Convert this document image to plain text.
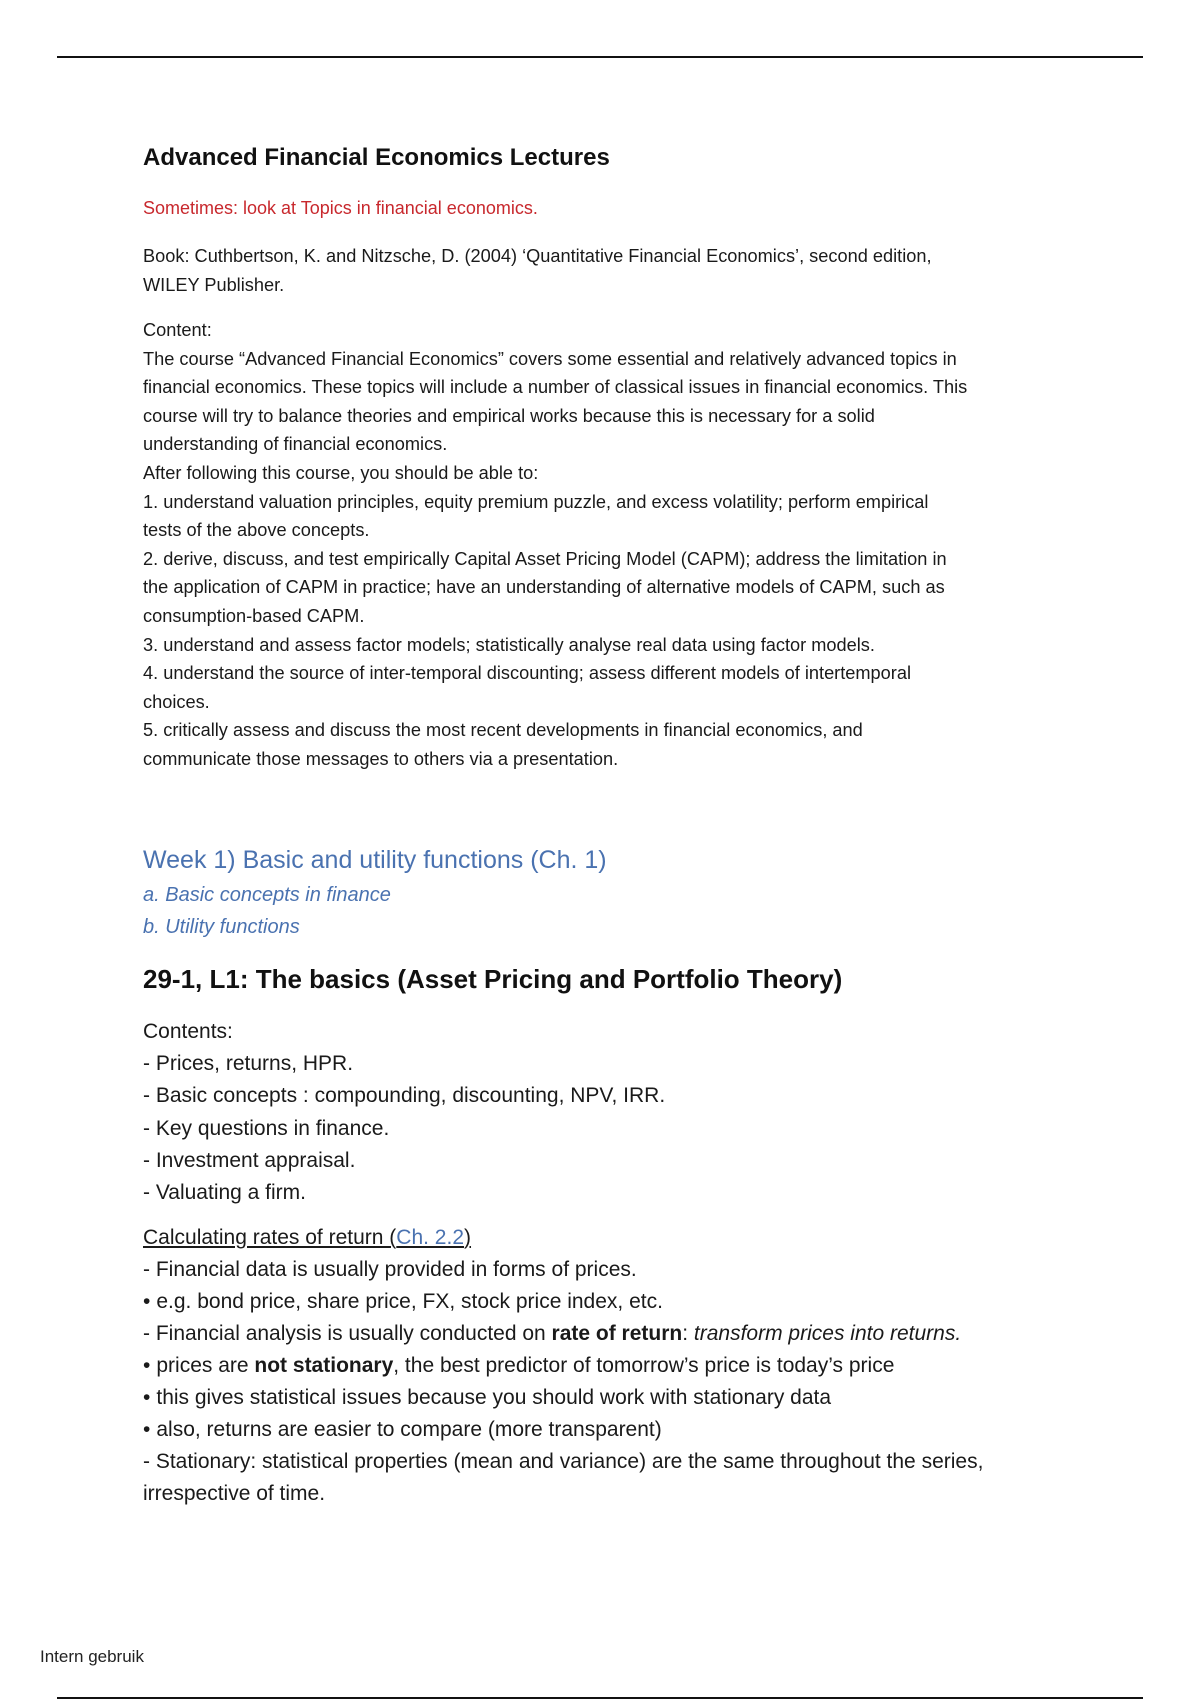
Advanced Financial Economics Lectures
Sometimes: look at Topics in financial economics.

Book: Cuthbertson, K. and Nitzsche, D. (2004) ‘Quantitative Financial Economics’, second edition,

WILEY Publisher.

Content:

The course “Advanced Financial Economics” covers some essential and relatively advanced topics in

financial economics. These topics will include a number of classical issues in financial economics. This

course will try to balance theories and empirical works because this is necessary for a solid

understanding of financial economics.

After following this course, you should be able to:

1. understand valuation principles, equity premium puzzle, and excess volatility; perform empirical

tests of the above concepts.

2. derive, discuss, and test empirically Capital Asset Pricing Model (CAPM); address the limitation in

the application of CAPM in practice; have an understanding of alternative models of CAPM, such as

consumption-based CAPM.

3. understand and assess factor models; statistically analyse real data using factor models.

4. understand the source of inter-temporal discounting; assess different models of intertemporal

choices.

5. critically assess and discuss the most recent developments in financial economics, and

communicate those messages to others via a presentation.

Week 1) Basic and utility functions (Ch. 1)
a. Basic concepts in finance
b. Utility functions
29-1, L1: The basics (Asset Pricing and Portfolio Theory)

Contents:

- Prices, returns, HPR.

- Basic concepts : compounding, discounting, NPV, IRR.

- Key questions in finance.

- Investment appraisal.

- Valuating a firm.

Calculating rates of return (Ch. 2.2)

- Financial data is usually provided in forms of prices.

• e.g. bond price, share price, FX, stock price index, etc.

- Financial analysis is usually conducted on rate of return: transform prices into returns.

• prices are not stationary, the best predictor of tomorrow’s price is today’s price

• this gives statistical issues because you should work with stationary data

• also, returns are easier to compare (more transparent)

- Stationary: statistical properties (mean and variance) are the same throughout the series,

irrespective of time.

Intern gebruik
